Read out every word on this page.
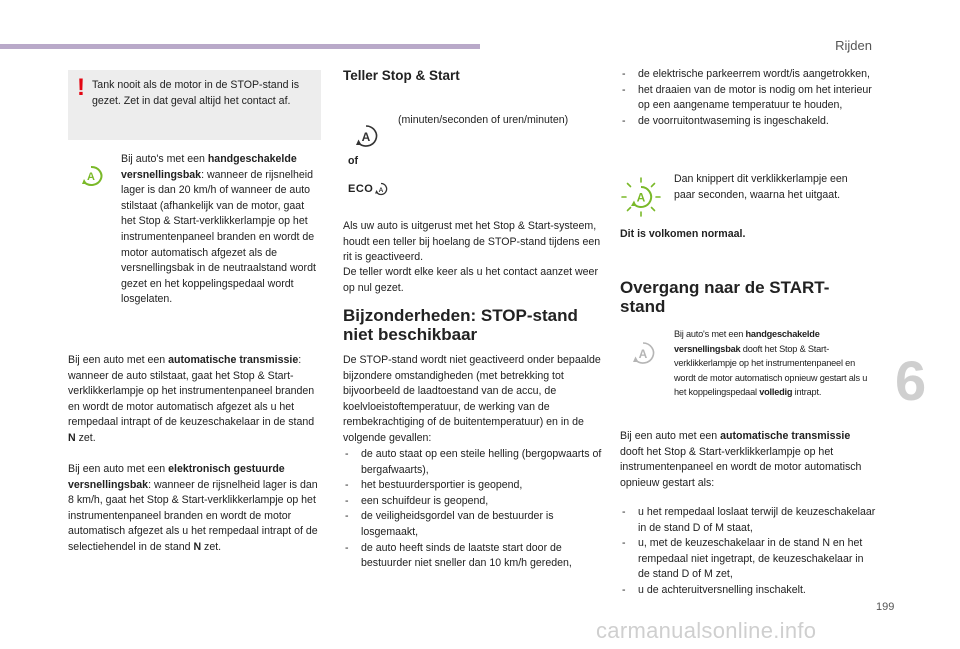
Rijden
6
199
carmanualsonline.info
! Tank nooit als de motor in de STOP-stand is gezet. Zet in dat geval altijd het contact af.

A

Bij auto's met een handgeschakelde versnellingsbak: wanneer de rijsnelheid lager is dan 20 km/h of wanneer de auto stilstaat (afhankelijk van de motor, gaat het Stop & Start-verklikkerlampje op het instrumentenpaneel branden en wordt de motor automatisch afgezet als de versnellingsbak in de neutraalstand wordt gezet en het koppelingspedaal wordt losgelaten.

Bij een auto met een automatische transmissie: wanneer de auto stilstaat, gaat het Stop & Start-verklikkerlampje op het instrumentenpaneel branden en wordt de motor automatisch afgezet als u het rempedaal intrapt of de keuzeschakelaar in de stand N zet.

Bij een auto met een elektronisch gestuurde versnellingsbak: wanneer de rijsnelheid lager is dan 8 km/h, gaat het Stop & Start-verklikkerlampje op het instrumentenpaneel branden en wordt de motor automatisch afgezet als u het rempedaal intrapt of de selectiehendel in de stand N zet.

Teller Stop & Start
A

(minuten/seconden of uren/minuten)

of

ECO A

Als uw auto is uitgerust met het Stop & Start-systeem, houdt een teller bij hoelang de STOP-stand tijdens een rit is geactiveerd.

De teller wordt elke keer als u het contact aanzet weer op nul gezet.

Bijzonderheden: STOP-stand niet beschikbaar

De STOP-stand wordt niet geactiveerd onder bepaalde bijzondere omstandigheden (met betrekking tot bijvoorbeeld de laadtoestand van de accu, de koelvloeistoftemperatuur, de werking van de rembekrachtiging of de buitentemperatuur) en in de volgende gevallen:

- de auto staat op een steile helling (bergopwaarts of bergafwaarts),
- het bestuurdersportier is geopend,
- een schuifdeur is geopend,
- de veiligheidsgordel van de bestuurder is losgemaakt,
- de auto heeft sinds de laatste start door de bestuurder niet sneller dan 10 km/h gereden,
- de elektrische parkeerrem wordt/is aangetrokken,
- het draaien van de motor is nodig om het interieur op een aangename temperatuur te houden,
- de voorruitontwaseming is ingeschakeld.
A

Dan knippert dit verklikkerlampje een paar seconden, waarna het uitgaat.

Dit is volkomen normaal.

Overgang naar de START-stand
A

Bij auto's met een handgeschakelde versnellingsbak dooft het Stop & Start-verklikkerlampje op het instrumentenpaneel en wordt de motor automatisch opnieuw gestart als u het koppelingspedaal volledig intrapt.

Bij een auto met een automatische transmissie dooft het Stop & Start-verklikkerlampje op het instrumentenpaneel en wordt de motor automatisch opnieuw gestart als:

- u het rempedaal loslaat terwijl de keuzeschakelaar in de stand D of M staat,
- u, met de keuzeschakelaar in de stand N en het rempedaal niet ingetrapt, de keuzeschakelaar in de stand D of M zet,
- u de achteruitversnelling inschakelt.
